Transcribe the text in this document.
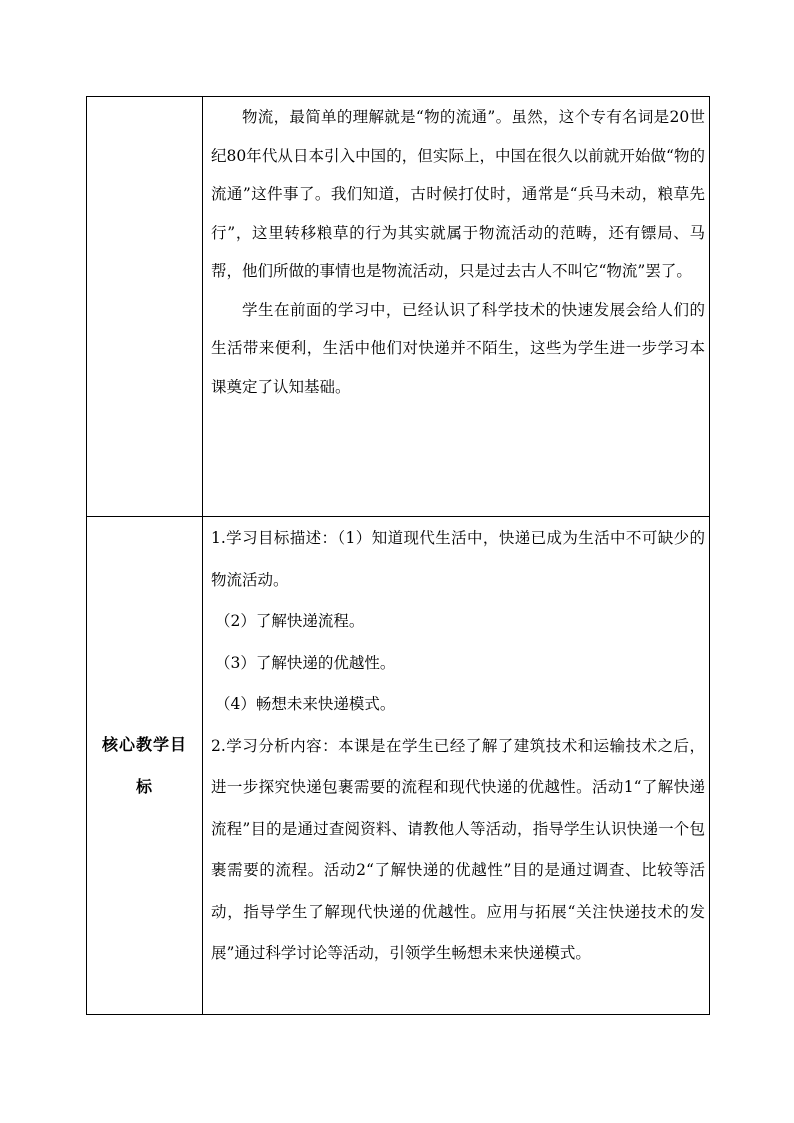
	物流，最简单的理解就是“物的流通”。虽然，这个专有名词是20世纪80年代从日本引入中国的，但实际上，中国在很久以前就开始做“物的流通”这件事了。我们知道，古时候打仗时，通常是“兵马未动，粮草先行”，这里转移粮草的行为其实就属于物流活动的范畴，还有镖局、马帮，他们所做的事情也是物流活动，只是过去古人不叫它“物流”罢了。

学生在前面的学习中，已经认识了科学技术的快速发展会给人们的生活带来便利，生活中他们对快递并不陌生，这些为学生进一步学习本课奠定了认知基础。

核心教学目标	1.学习目标描述：（1）知道现代生活中，快递已成为生活中不可缺少的物流活动。

（2）了解快递流程。

（3）了解快递的优越性。

（4）畅想未来快递模式。

2.学习分析内容：本课是在学生已经了解了建筑技术和运输技术之后，进一步探究快递包裹需要的流程和现代快递的优越性。活动1“了解快递流程”目的是通过查阅资料、请教他人等活动，指导学生认识快递一个包裹需要的流程。活动2“了解快递的优越性”目的是通过调查、比较等活动，指导学生了解现代快递的优越性。应用与拓展“关注快递技术的发展”通过科学讨论等活动，引领学生畅想未来快递模式。
